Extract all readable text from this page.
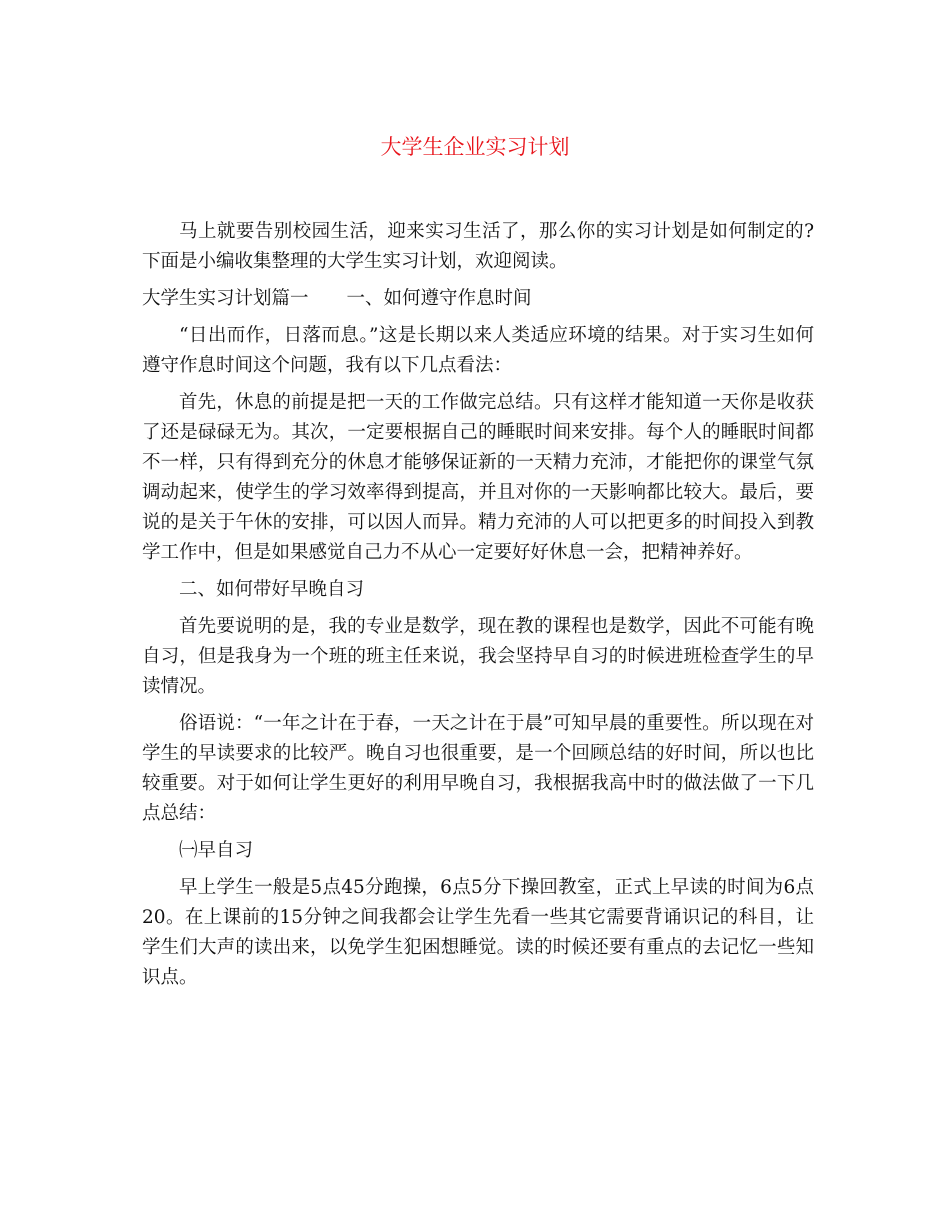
大学生企业实习计划

马上就要告别校园生活，迎来实习生活了，那么你的实习计划是如何制定的?下面是小编收集整理的大学生实习计划，欢迎阅读。

大学生实习计划篇一 一、如何遵守作息时间

“日出而作，日落而息。”这是长期以来人类适应环境的结果。对于实习生如何遵守作息时间这个问题，我有以下几点看法：

首先，休息的前提是把一天的工作做完总结。只有这样才能知道一天你是收获了还是碌碌无为。其次，一定要根据自己的睡眠时间来安排。每个人的睡眠时间都不一样，只有得到充分的休息才能够保证新的一天精力充沛，才能把你的课堂气氛调动起来，使学生的学习效率得到提高，并且对你的一天影响都比较大。最后，要说的是关于午休的安排，可以因人而异。精力充沛的人可以把更多的时间投入到教学工作中，但是如果感觉自己力不从心一定要好好休息一会，把精神养好。

二、如何带好早晚自习

首先要说明的是，我的专业是数学，现在教的课程也是数学，因此不可能有晚自习，但是我身为一个班的班主任来说，我会坚持早自习的时候进班检查学生的早读情况。

俗语说：“一年之计在于春，一天之计在于晨”可知早晨的重要性。所以现在对学生的早读要求的比较严。晚自习也很重要，是一个回顾总结的好时间，所以也比较重要。对于如何让学生更好的利用早晚自习，我根据我高中时的做法做了一下几点总结：

㈠早自习

早上学生一般是5点45分跑操，6点5分下操回教室，正式上早读的时间为6点20。在上课前的15分钟之间我都会让学生先看一些其它需要背诵识记的科目，让学生们大声的读出来，以免学生犯困想睡觉。读的时候还要有重点的去记忆一些知识点。
